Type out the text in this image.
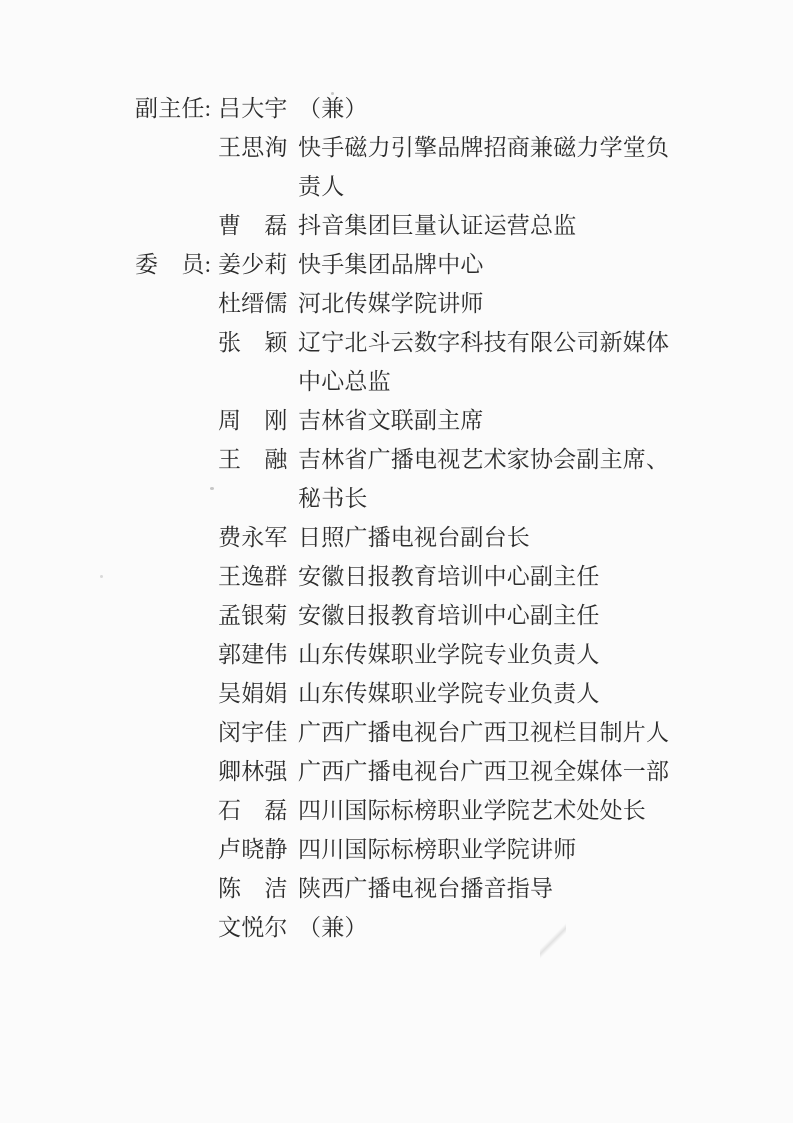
副主任: 吕大宇 （兼）
王思洵 快手磁力引擎品牌招商兼磁力学堂负责人
曹　磊 抖音集团巨量认证运营总监
委　员: 姜少莉 快手集团品牌中心
杜缙儒 河北传媒学院讲师
张　颖 辽宁北斗云数字科技有限公司新媒体中心总监
周　刚 吉林省文联副主席
王　融 吉林省广播电视艺术家协会副主席、秘书长
费永军 日照广播电视台副台长
王逸群 安徽日报教育培训中心副主任
孟银菊 安徽日报教育培训中心副主任
郭建伟 山东传媒职业学院专业负责人
吴娟娟 山东传媒职业学院专业负责人
闵宇佳 广西广播电视台广西卫视栏目制片人
卿林强 广西广播电视台广西卫视全媒体一部
石　磊 四川国际标榜职业学院艺术处处长
卢晓静 四川国际标榜职业学院讲师
陈　洁 陕西广播电视台播音指导
文悦尔 （兼）
